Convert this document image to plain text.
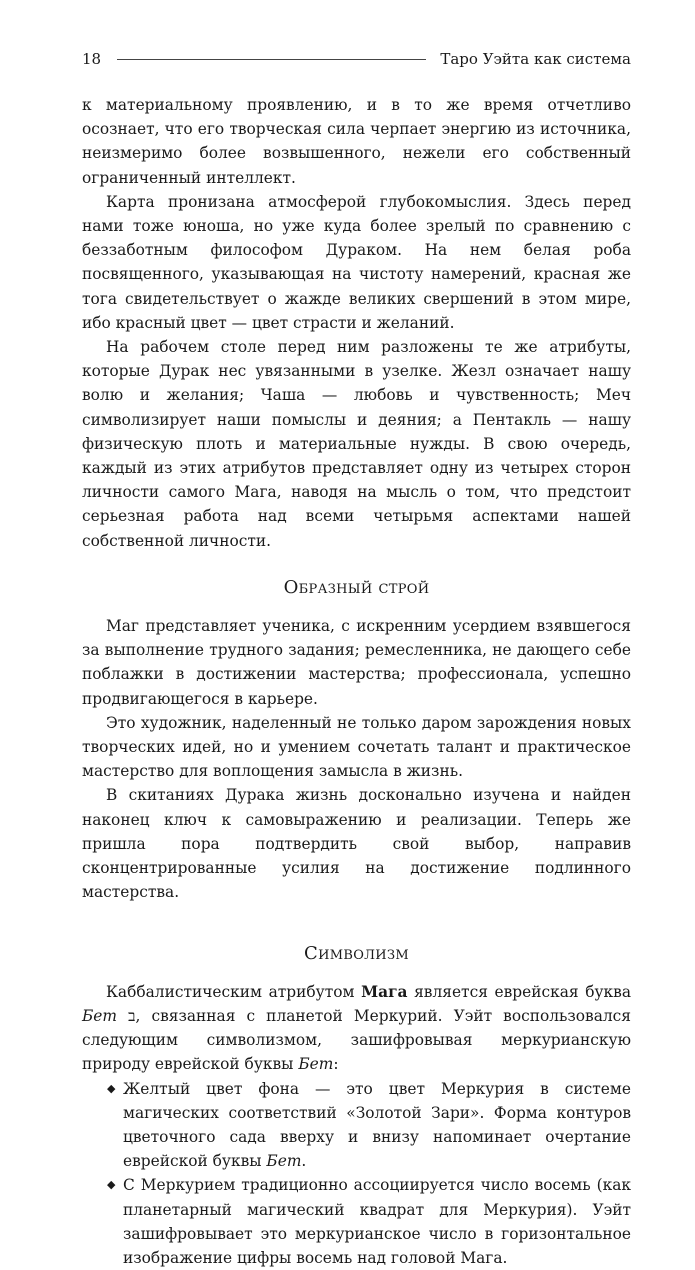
18	Таро Уэйта как система

к материальному проявлению, и в то же время отчетливо осознает, что его творческая сила черпает энергию из источника, неизмеримо более возвышенного, нежели его собственный ограниченный интеллект.

Карта пронизана атмосферой глубокомыслия. Здесь перед нами тоже юноша, но уже куда более зрелый по сравнению с беззаботным философом Дураком. На нем белая роба посвященного, указывающая на чистоту намерений, красная же тога свидетельствует о жажде великих свершений в этом мире, ибо красный цвет — цвет страсти и желаний.

На рабочем столе перед ним разложены те же атрибуты, которые Дурак нес увязанными в узелке. Жезл означает нашу волю и желания; Чаша — любовь и чувственность; Меч символизирует наши помыслы и деяния; а Пентакль — нашу физическую плоть и материальные нужды. В свою очередь, каждый из этих атрибутов представляет одну из четырех сторон личности самого Мага, наводя на мысль о том, что предстоит серьезная работа над всеми четырьмя аспектами нашей собственной личности.

Образный строй

Маг представляет ученика, с искренним усердием взявшегося за выполнение трудного задания; ремесленника, не дающего себе поблажки в достижении мастерства; профессионала, успешно продвигающегося в карьере.

Это художник, наделенный не только даром зарождения новых творческих идей, но и умением сочетать талант и практическое мастерство для воплощения замысла в жизнь.

В скитаниях Дурака жизнь досконально изучена и найден наконец ключ к самовыражению и реализации. Теперь же пришла пора подтвердить свой выбор, направив сконцентрированные усилия на достижение подлинного мастерства.

Символизм

Каббалистическим атрибутом Мага является еврейская буква Бет ב, связанная с планетой Меркурий. Уэйт воспользовался следующим символизмом, зашифровывая меркурианскую природу еврейской буквы Бет:

◆ Желтый цвет фона — это цвет Меркурия в системе магических соответствий «Золотой Зари». Форма контуров цветочного сада вверху и внизу напоминает очертание еврейской буквы Бет.
◆ С Меркурием традиционно ассоциируется число восемь (как планетарный магический квадрат для Меркурия). Уэйт зашифровывает это меркурианское число в горизонтальное изображение цифры восемь над головой Мага.
